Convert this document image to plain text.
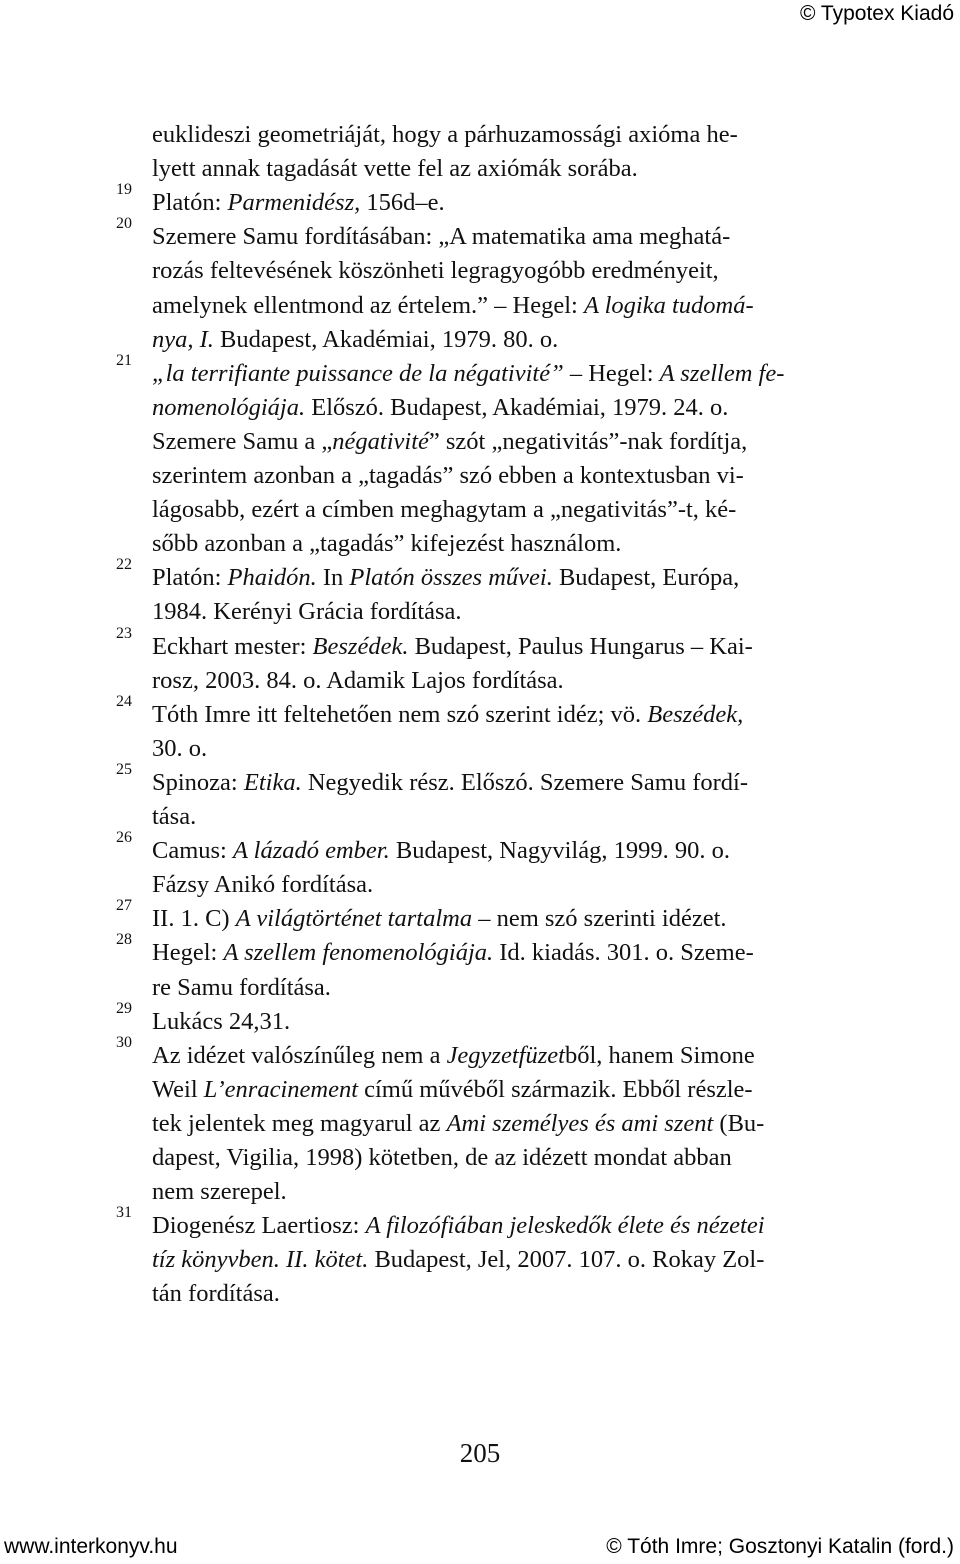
© Typotex Kiadó
euklideszi geometriáját, hogy a párhuzamossági axióma he-
lyett annak tagadását vette fel az axiómák sorába.
19 Platón: Parmenidész, 156d–e.
20 Szemere Samu fordításában: „A matematika ama meghatá-
rozás feltevésének köszönheti legragyogóbb eredményeit,
amelynek ellentmond az értelem.” – Hegel: A logika tudomá-
nya, I. Budapest, Akadémiai, 1979. 80. o.
21 „la terrifiante puissance de la négativité” – Hegel: A szellem fe-
nomenológiája. Előszó. Budapest, Akadémiai, 1979. 24. o.
Szemere Samu a „négativité” szót „negativitás”-nak fordítja,
szerintem azonban a „tagadás” szó ebben a kontextusban vi-
lágosabb, ezért a címben meghagytam a „negativitás”-t, ké-
sőbb azonban a „tagadás” kifejezést használom.
22 Platón: Phaidón. In Platón összes művei. Budapest, Európa,
1984. Kerényi Grácia fordítása.
23 Eckhart mester: Beszédek. Budapest, Paulus Hungarus – Kai-
rosz, 2003. 84. o. Adamik Lajos fordítása.
24 Tóth Imre itt feltehetően nem szó szerint idéz; vö. Beszédek,
30. o.
25 Spinoza: Etika. Negyedik rész. Előszó. Szemere Samu fordí-
tása.
26 Camus: A lázadó ember. Budapest, Nagyvilág, 1999. 90. o.
Fázsy Anikó fordítása.
27 II. 1. C) A világtörténet tartalma – nem szó szerinti idézet.
28 Hegel: A szellem fenomenológiája. Id. kiadás. 301. o. Szeme-
re Samu fordítása.
29 Lukács 24,31.
30 Az idézet valószínűleg nem a Jegyzetfüzetből, hanem Simone
Weil L’enracinement című művéből származik. Ebből részle-
tek jelentek meg magyarul az Ami személyes és ami szent (Bu-
dapest, Vigilia, 1998) kötetben, de az idézett mondat abban
nem szerepel.
31 Diogenész Laertiosz: A filozófiában jeleskedők élete és nézetei
tíz könyvben. II. kötet. Budapest, Jel, 2007. 107. o. Rokay Zol-
tán fordítása.
205
www.interkonyv.hu	© Tóth Imre; Gosztonyi Katalin (ford.)
